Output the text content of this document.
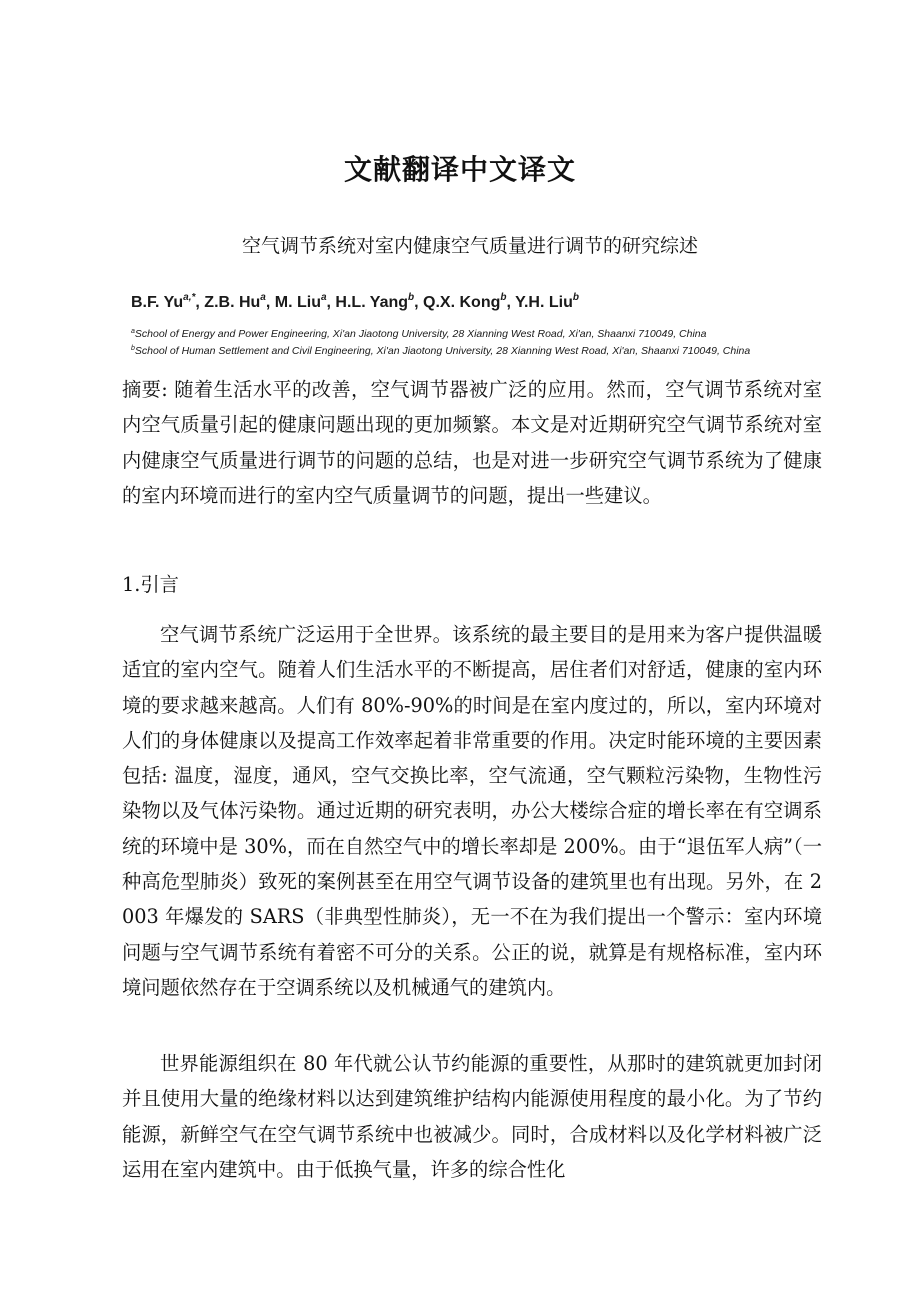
文献翻译中文译文
空气调节系统对室内健康空气质量进行调节的研究综述
B.F. $Yu^{a,*}$, Z.B. Hu$^a$, M. Liu$^a$, H.L. Yang$^b$, Q.X. Kong$^b$, Y.H. Liu$^b$
$^a$School of Energy and Power Engineering, Xi'an Jiaotong University, 28 Xianning West Road, Xi'an, Shaanxi 710049, China
$^b$School of Human Settlement and Civil Engineering, Xi'an Jiaotong University, 28 Xianning West Road, Xi'an, Shaanxi 710049, China
摘要: 随着生活水平的改善，空气调节器被广泛的应用。然而，空气调节系统对室内空气质量引起的健康问题出现的更加频繁。本文是对近期研究空气调节系统对室内健康空气质量进行调节的问题的总结，也是对进一步研究空气调节系统为了健康的室内环境而进行的室内空气质量调节的问题，提出一些建议。
1.引言
空气调节系统广泛运用于全世界。该系统的最主要目的是用来为客户提供温暖适宜的室内空气。随着人们生活水平的不断提高，居住者们对舒适，健康的室内环境的要求越来越高。人们有 80%-90%的时间是在室内度过的，所以，室内环境对人们的身体健康以及提高工作效率起着非常重要的作用。决定时能环境的主要因素包括: 温度，湿度，通风，空气交换比率，空气流通，空气颗粒污染物，生物性污染物以及气体污染物。通过近期的研究表明，办公大楼综合症的增长率在有空调系统的环境中是 30%，而在自然空气中的增长率却是 200%。由于“退伍军人病”（一种高危型肺炎）致死的案例甚至在用空气调节设备的建筑里也有出现。另外，在 2003 年爆发的 SARS（非典型性肺炎），无一不在为我们提出一个警示：室内环境问题与空气调节系统有着密不可分的关系。公正的说，就算是有规格标准，室内环境问题依然存在于空调系统以及机械通气的建筑内。
世界能源组织在 80 年代就公认节约能源的重要性，从那时的建筑就更加封闭并且使用大量的绝缘材料以达到建筑维护结构内能源使用程度的最小化。为了节约能源，新鲜空气在空气调节系统中也被减少。同时，合成材料以及化学材料被广泛运用在室内建筑中。由于低换气量，许多的综合性化
